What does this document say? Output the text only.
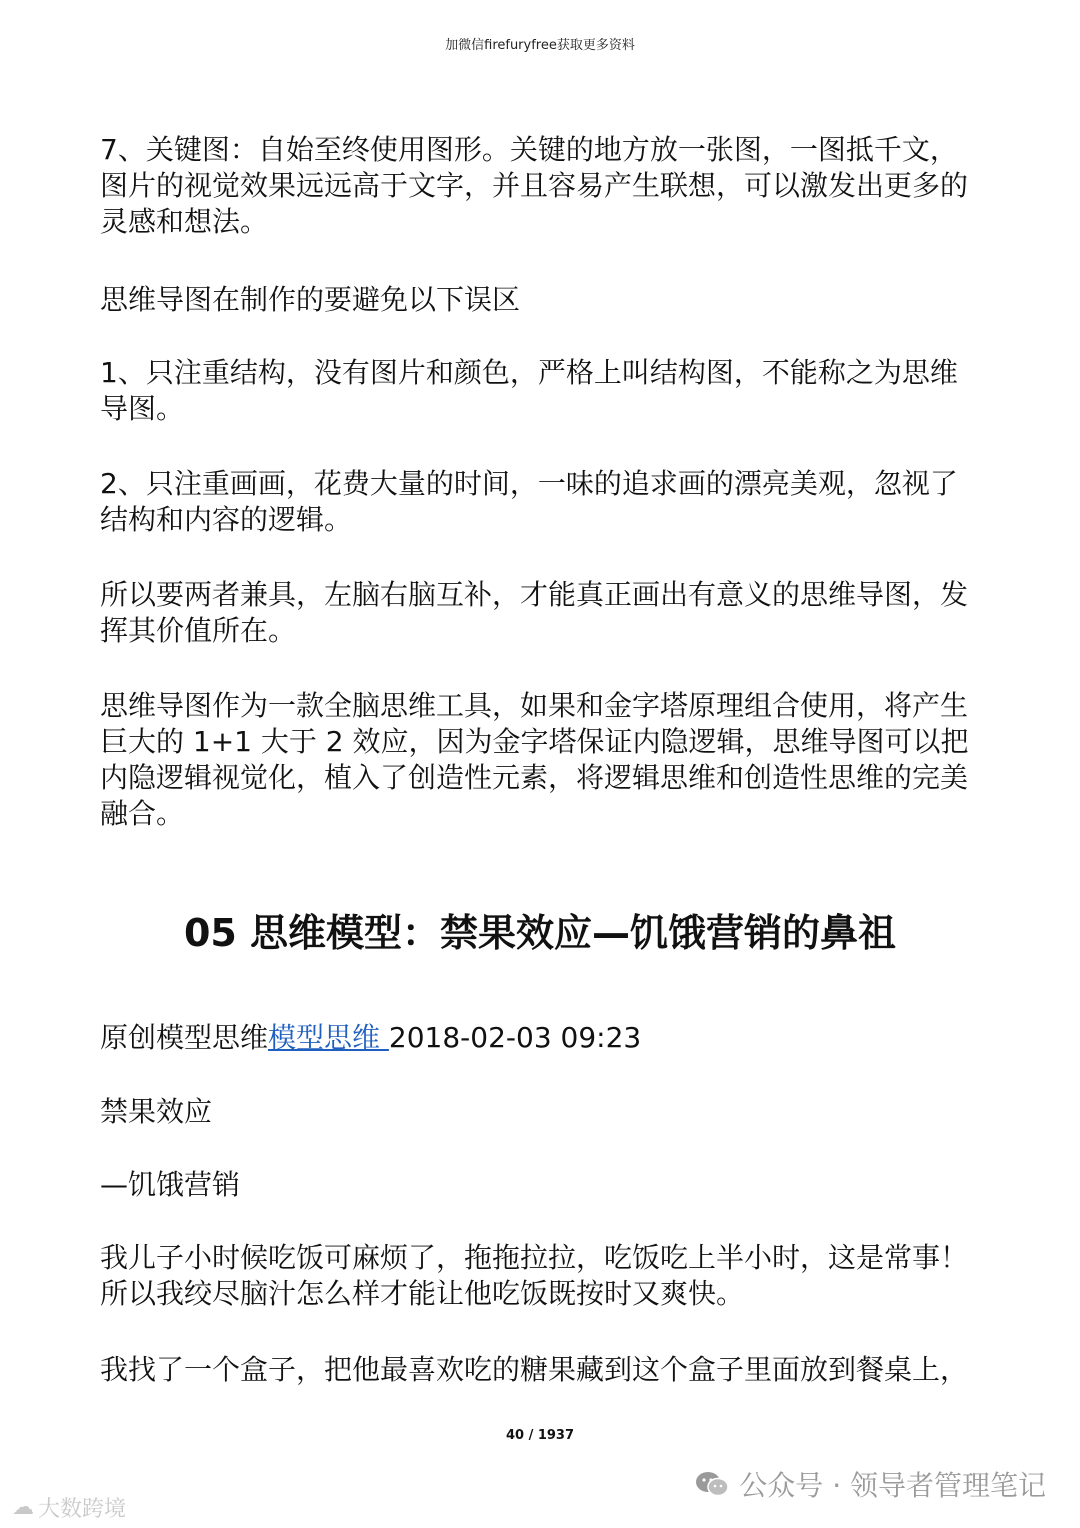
加微信firefuryfree获取更多资料

7、关键图：自始至终使用图形。关键的地方放一张图，一图抵千文，图片的视觉效果远远高于文字，并且容易产生联想，可以激发出更多的灵感和想法。

思维导图在制作的要避免以下误区

1、只注重结构，没有图片和颜色，严格上叫结构图，不能称之为思维导图。

2、只注重画画，花费大量的时间，一味的追求画的漂亮美观，忽视了结构和内容的逻辑。

所以要两者兼具，左脑右脑互补，才能真正画出有意义的思维导图，发挥其价值所在。

思维导图作为一款全脑思维工具，如果和金字塔原理组合使用，将产生巨大的 1+1 大于 2 效应，因为金字塔保证内隐逻辑，思维导图可以把内隐逻辑视觉化，植入了创造性元素，将逻辑思维和创造性思维的完美融合。

05 思维模型：禁果效应—饥饿营销的鼻祖

原创模型思维模型思维 2018-02-03 09:23

禁果效应

—饥饿营销

我儿子小时候吃饭可麻烦了，拖拖拉拉，吃饭吃上半小时，这是常事！所以我绞尽脑汁怎么样才能让他吃饭既按时又爽快。

我找了一个盒子，把他最喜欢吃的糖果藏到这个盒子里面放到餐桌上，

40 / 1937
☁ 大数跨境
公众号 · 领导者管理笔记
